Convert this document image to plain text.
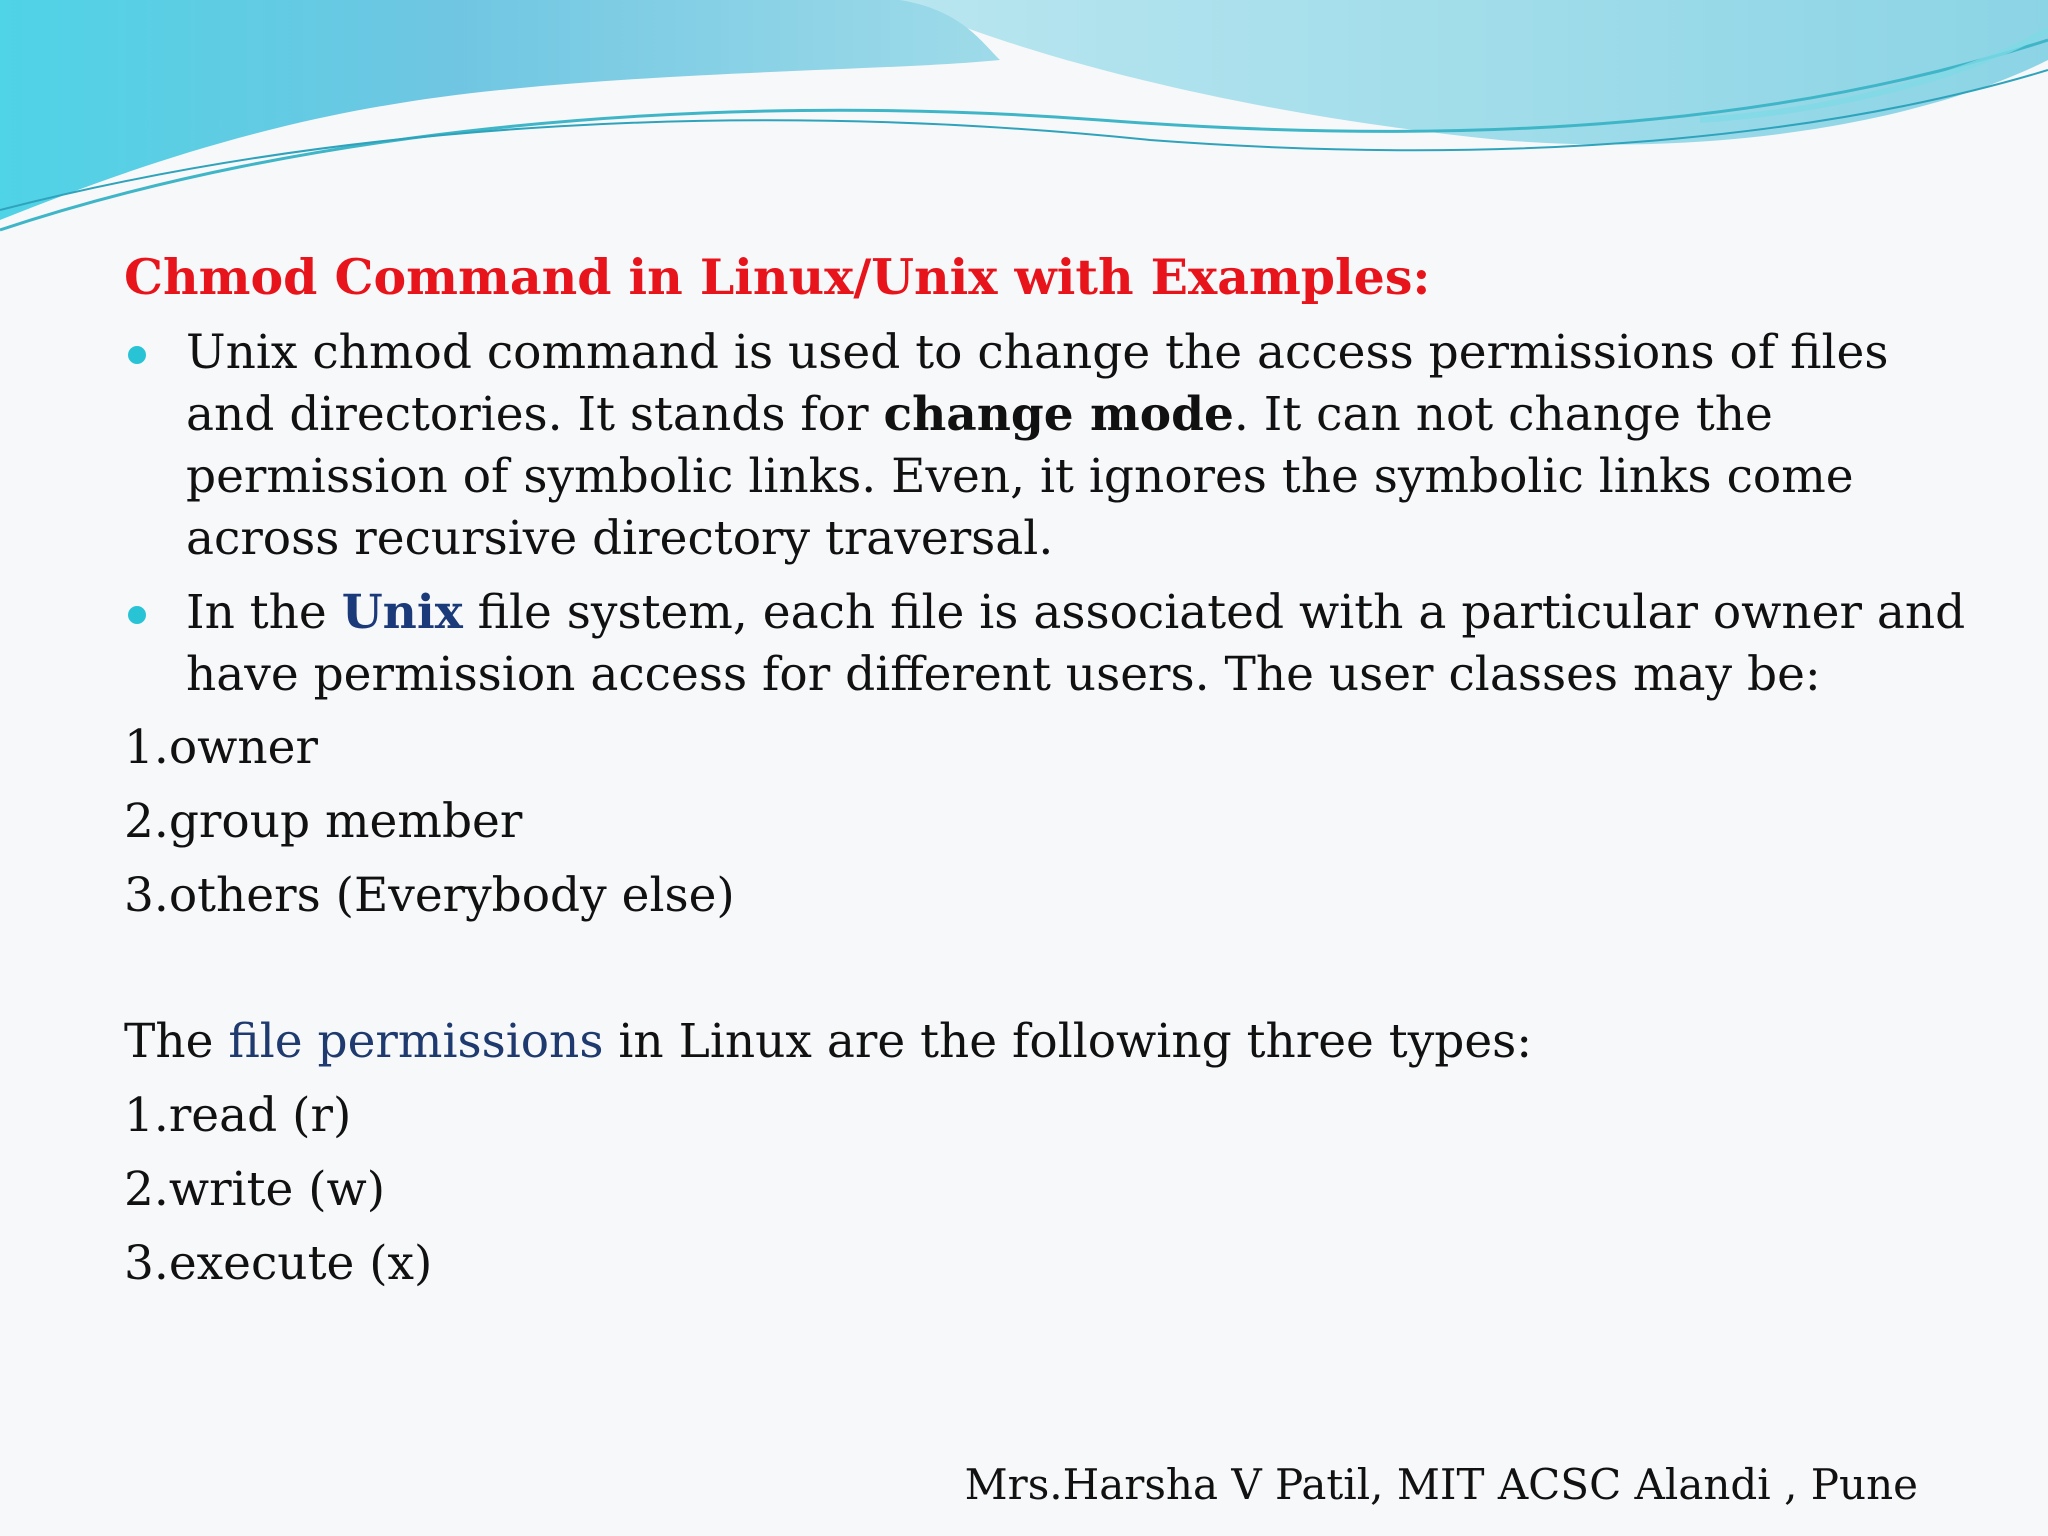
Chmod Command in Linux/Unix with Examples:
Unix chmod command is used to change the access permissions of files and directories. It stands for change mode. It can not change the permission of symbolic links. Even, it ignores the symbolic links come across recursive directory traversal.
In the Unix file system, each file is associated with a particular owner and have permission access for different users. The user classes may be:
1.owner
2.group member
3.others (Everybody else)
The file permissions in Linux are the following three types:
1.read (r)
2.write (w)
3.execute (x)
Mrs.Harsha V Patil, MIT ACSC Alandi , Pune
